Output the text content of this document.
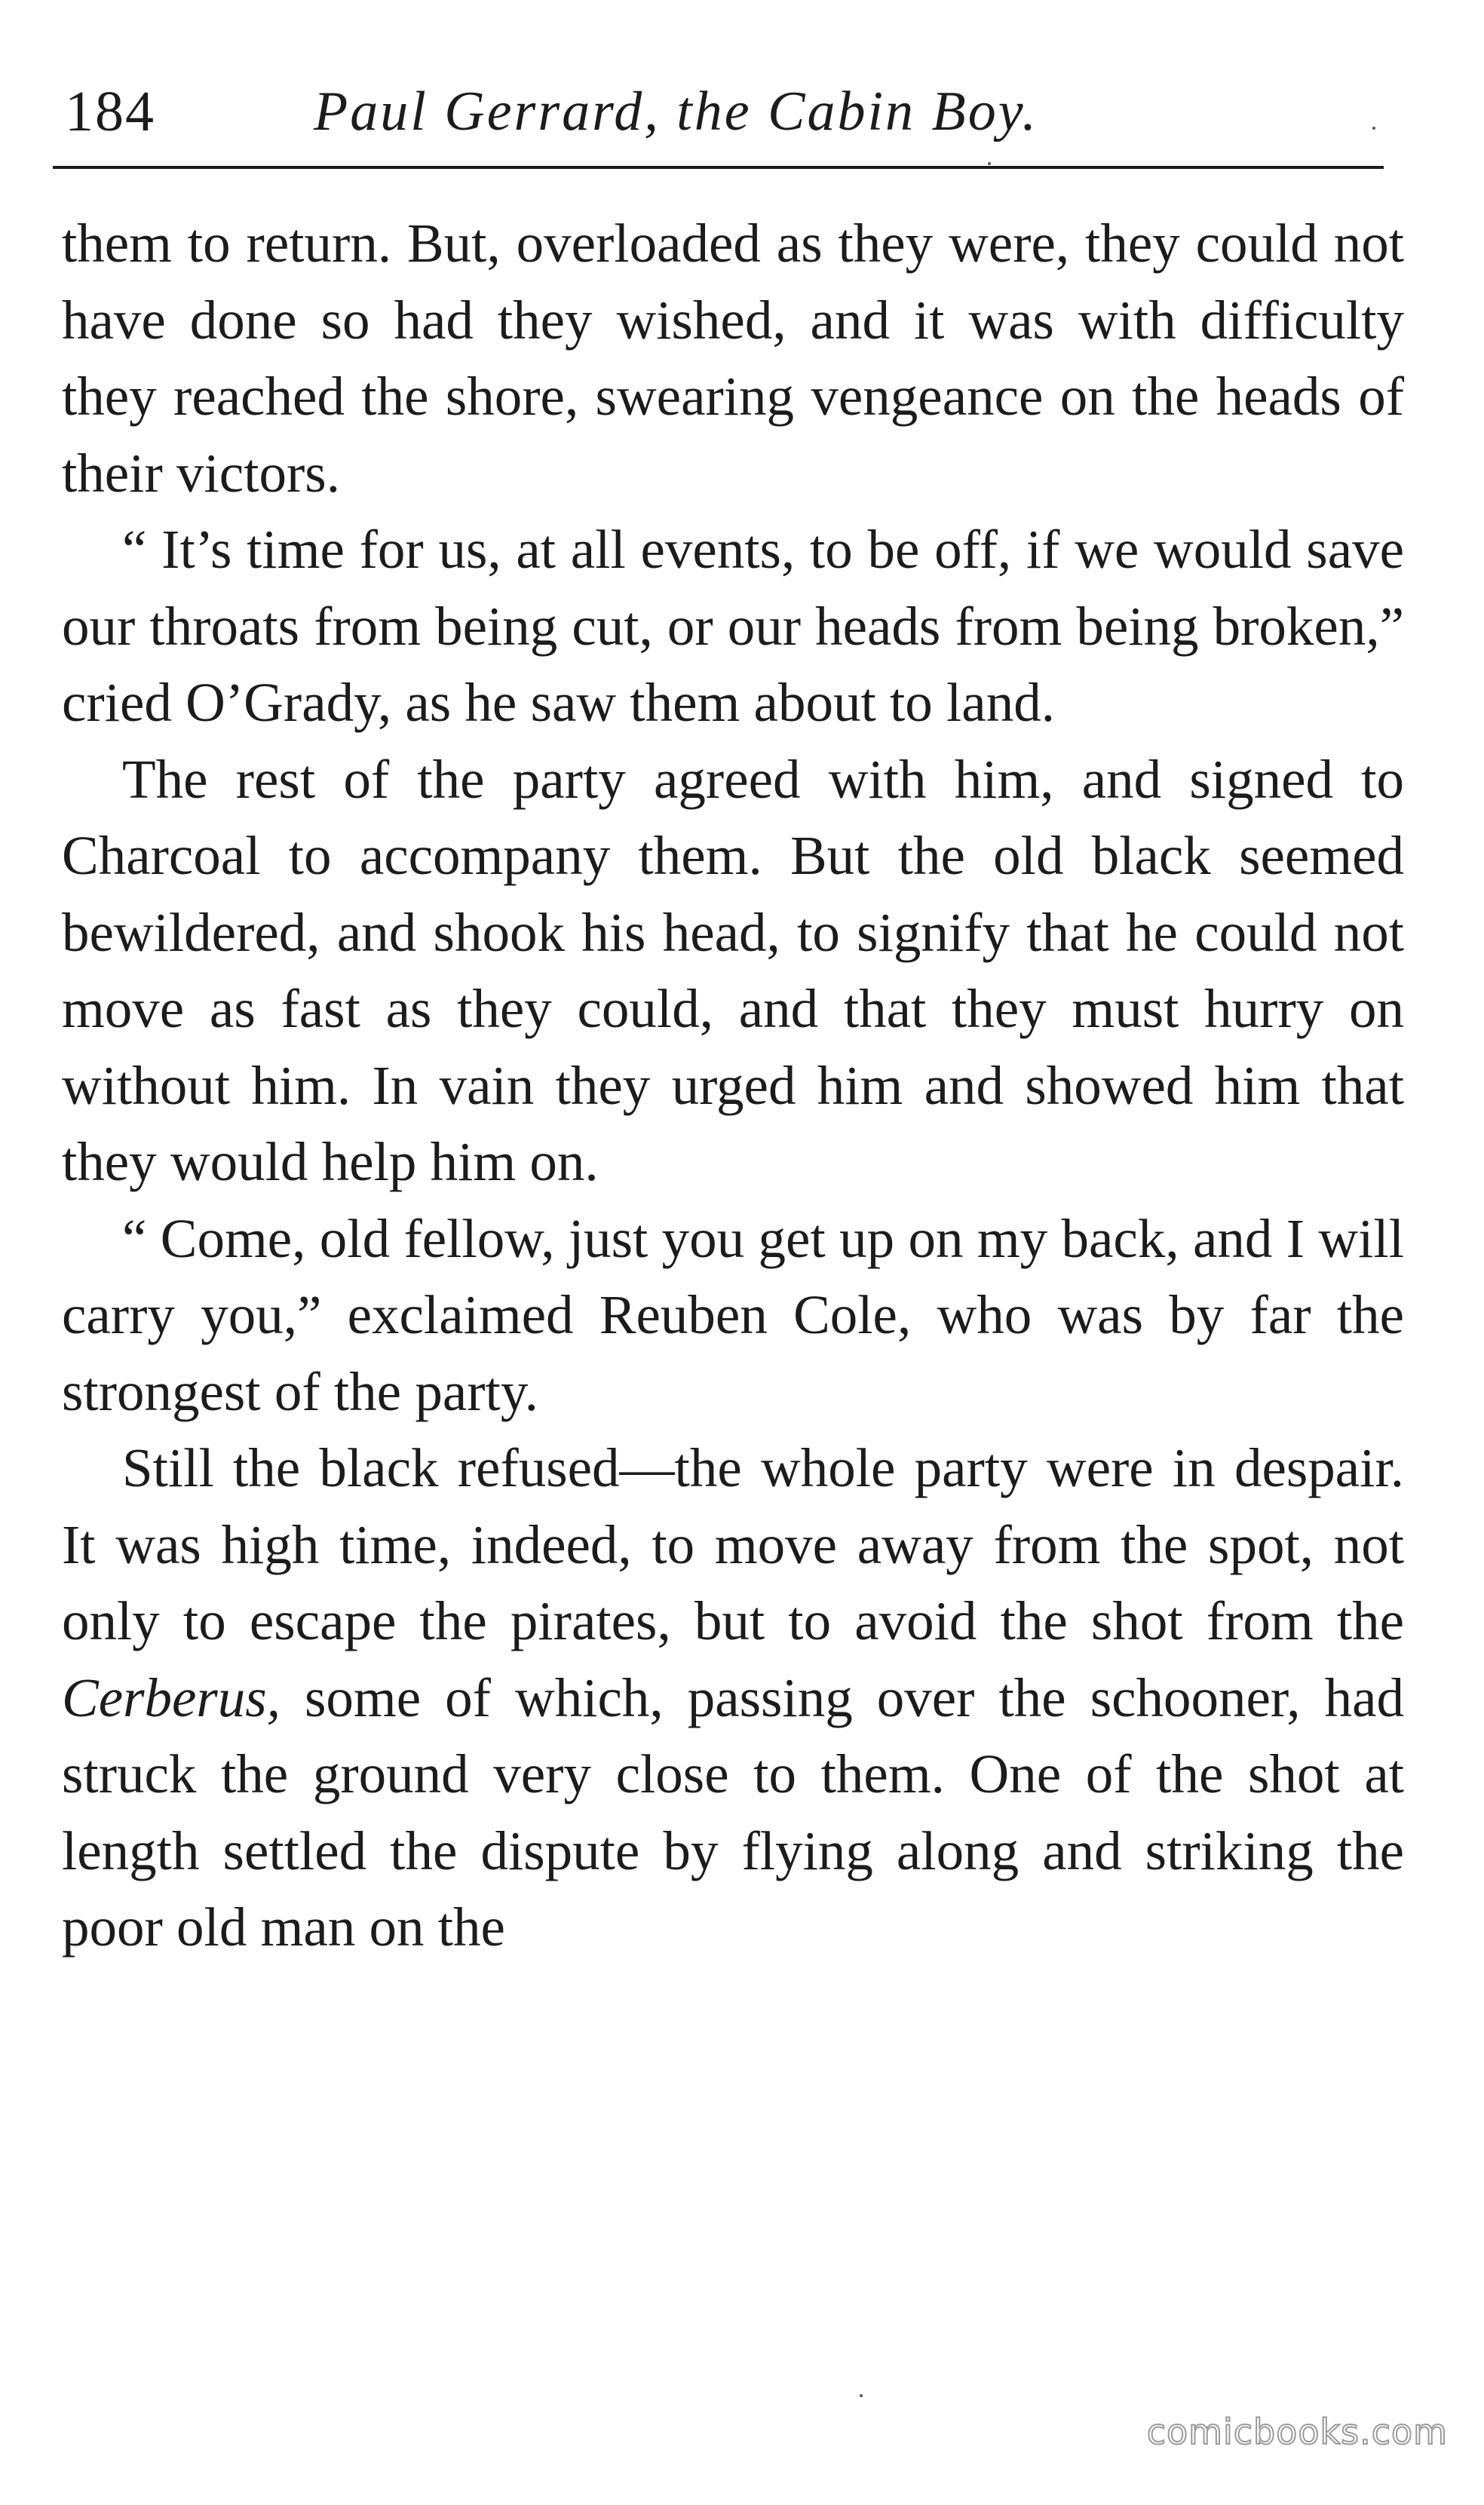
184	Paul Gerrard, the Cabin Boy.

them to return. But, overloaded as they were, they could not have done so had they wished, and it was with difficulty they reached the shore, swearing vengeance on the heads of their victors.

“ It’s time for us, at all events, to be off, if we would save our throats from being cut, or our heads from being broken,” cried O’Grady, as he saw them about to land.

The rest of the party agreed with him, and signed to Charcoal to accompany them. But the old black seemed bewildered, and shook his head, to signify that he could not move as fast as they could, and that they must hurry on without him. In vain they urged him and showed him that they would help him on.

“ Come, old fellow, just you get up on my back, and I will carry you,” exclaimed Reuben Cole, who was by far the strongest of the party.

Still the black refused—the whole party were in despair. It was high time, indeed, to move away from the spot, not only to escape the pirates, but to avoid the shot from the Cerberus, some of which, passing over the schooner, had struck the ground very close to them. One of the shot at length settled the dispute by flying along and striking the poor old man on the

comicbooks.com
